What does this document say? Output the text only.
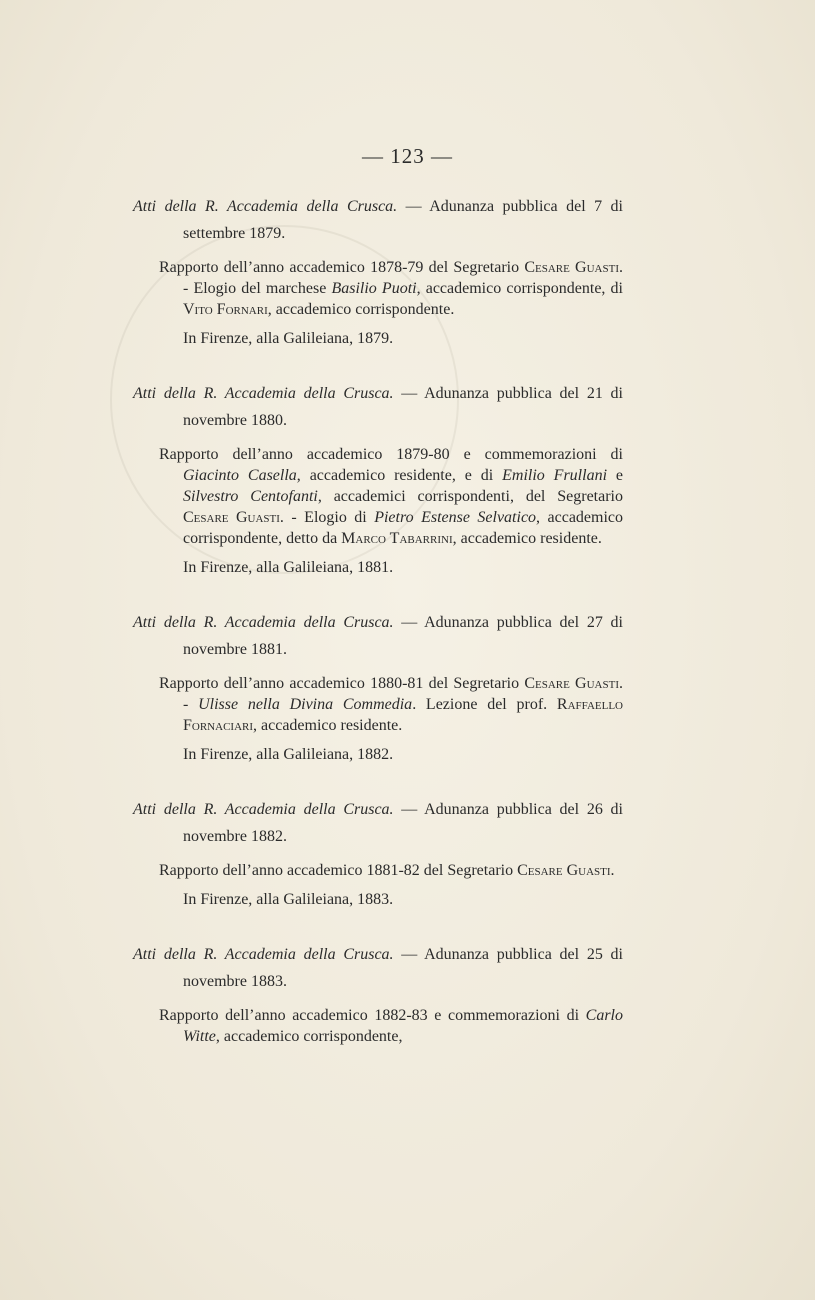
— 123 —
Atti della R. Accademia della Crusca. — Adunanza pubblica del 7 di settembre 1879.
Rapporto dell’anno accademico 1878-79 del Segretario Cesare Guasti. - Elogio del marchese Basilio Puoti, accademico corrispondente, di Vito Fornari, accademico corrispondente.
In Firenze, alla Galileiana, 1879.
Atti della R. Accademia della Crusca. — Adunanza pubblica del 21 di novembre 1880.
Rapporto dell’anno accademico 1879-80 e commemorazioni di Giacinto Casella, accademico residente, e di Emilio Frullani e Silvestro Centofanti, accademici corrispondenti, del Segretario Cesare Guasti. - Elogio di Pietro Estense Selvatico, accademico corrispondente, detto da Marco Tabarrini, accademico residente.
In Firenze, alla Galileiana, 1881.
Atti della R. Accademia della Crusca. — Adunanza pubblica del 27 di novembre 1881.
Rapporto dell’anno accademico 1880-81 del Segretario Cesare Guasti. - Ulisse nella Divina Commedia. Lezione del prof. Raffaello Fornaciari, accademico residente.
In Firenze, alla Galileiana, 1882.
Atti della R. Accademia della Crusca. — Adunanza pubblica del 26 di novembre 1882.
Rapporto dell’anno accademico 1881-82 del Segretario Cesare Guasti.
In Firenze, alla Galileiana, 1883.
Atti della R. Accademia della Crusca. — Adunanza pubblica del 25 di novembre 1883.
Rapporto dell’anno accademico 1882-83 e commemorazioni di Carlo Witte, accademico corrispondente,
